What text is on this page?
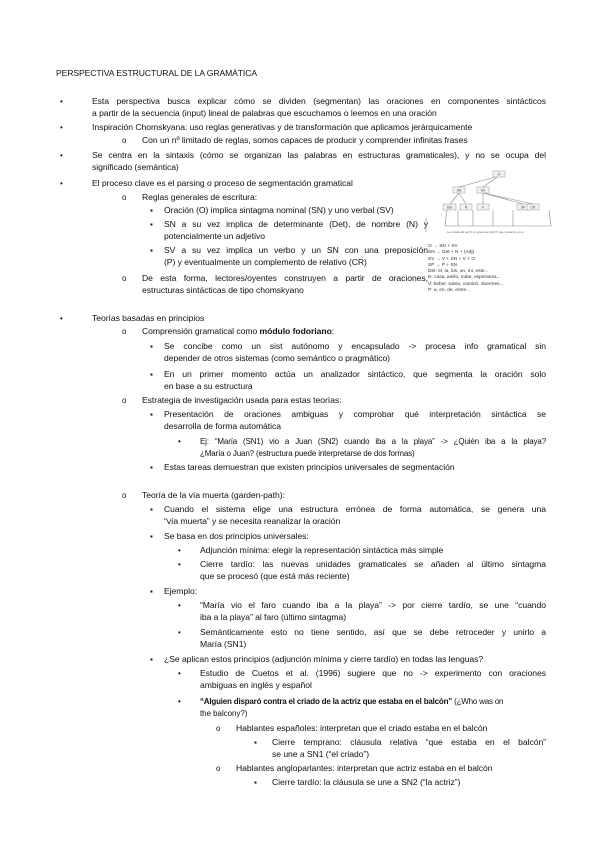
PERSPECTIVA ESTRUCTURAL DE LA GRAMÁTICA
•
Esta perspectiva busca explicar cómo se dividen (segmentan) las oraciones en componentes sintácticos
a partir de la secuencia (input) lineal de palabras que escuchamos o leemos en una oración
•
Inspiración Chomskyana: uso reglas generativas y de transformación que aplicamos jerárquicamente
o
Con un nº limitado de reglas, somos capaces de producir y comprender infinitas frases
•
Se centra en la sintaxis (cómo se organizan las palabras en estructuras gramaticales), y no se ocupa del
significado (semántica)
•
El proceso clave es el parsing o proceso de segmentación gramatical
o
Reglas generales de escritura:
▪
Oración (O) implica sintagma nominal (SN) y uno verbal (SV)
▪
SN a su vez implica de determinante (Det), de nombre (N) y
potencialmente un adjetivo
▪
SV a su vez implica un verbo y un SN con una preposición
(P) y eventualmente un complemento de relativo (CR)
o
De esta forma, lectores/oyentes construyen a partir de oraciones,
estructuras sintácticas de tipo chomskyano
O
SN	SV
Det	N	V	SP CR
La criada del actriz le gusta sencillo(?) que cantante en el
O → SN + SV
SN → Det + N + (Adj)
SV → V + SN + V + O
SP → P + SN
Det: el, la, los, un, mi, este...
N: casa, anillo, nube, esperanza...
V: beber, subía, caminó, duermes...
P: a, en, de, entre...
•
Teorías basadas en principios
o
Comprensión gramatical como módulo fodoriano:
▪
Se concibe como un sist autónomo y encapsulado -> procesa info gramatical sin
depender de otros sistemas (como semántico o pragmático)
▪
En un primer momento actúa un analizador sintáctico, que segmenta la oración solo
en base a su estructura
o
Estrategia de investigación usada para estas teorías:
▪
Presentación de oraciones ambiguas y comprobar qué interpretación sintáctica se
desarrolla de forma automática
•
Ej: “María (SN1) vio a Juan (SN2) cuando iba a la playa” -> ¿Quién iba a la playa?
¿María o Juan? (estructura puede interpretarse de dos formas)
▪
Estas tareas demuestran que existen principios universales de segmentación
o
Teoría de la vía muerta (garden-path):
▪
Cuando el sistema elige una estructura errónea de forma automática, se genera una
“vía muerta” y se necesita reanalizar la oración
▪
Se basa en dos principios universales:
•
Adjunción mínima: elegir la representación sintáctica más simple
•
Cierre tardío: las nuevas unidades gramaticales se añaden al último sintagma
que se procesó (que está más reciente)
▪
Ejemplo:
•
“María vio el faro cuando iba a la playa” -> por cierre tardío, se une “cuando
iba a la playa” al faro (último sintagma)
•
Semánticamente esto no tiene sentido, así que se debe retroceder y unirlo a
María (SN1)
▪
¿Se aplican estos principios (adjunción mínima y cierre tardío) en todas las lenguas?
•
Estudio de Cuetos et al. (1996) sugiere que no -> experimento con oraciones
ambiguas en inglés y español
•
“Alguien disparó contra el criado de la actriz que estaba en el balcón” (¿Who was on
the balcony?)
o
Hablantes españoles: interpretan que el criado estaba en el balcón
▪
Cierre temprano: cláusula relativa “que estaba en el balcón”
se une a SN1 (“el criado”)
o
Hablantes angloparlantes: interpretan que actriz estaba en el balcón
▪
Cierre tardío: la cláusula se une a SN2 (“la actriz”)
